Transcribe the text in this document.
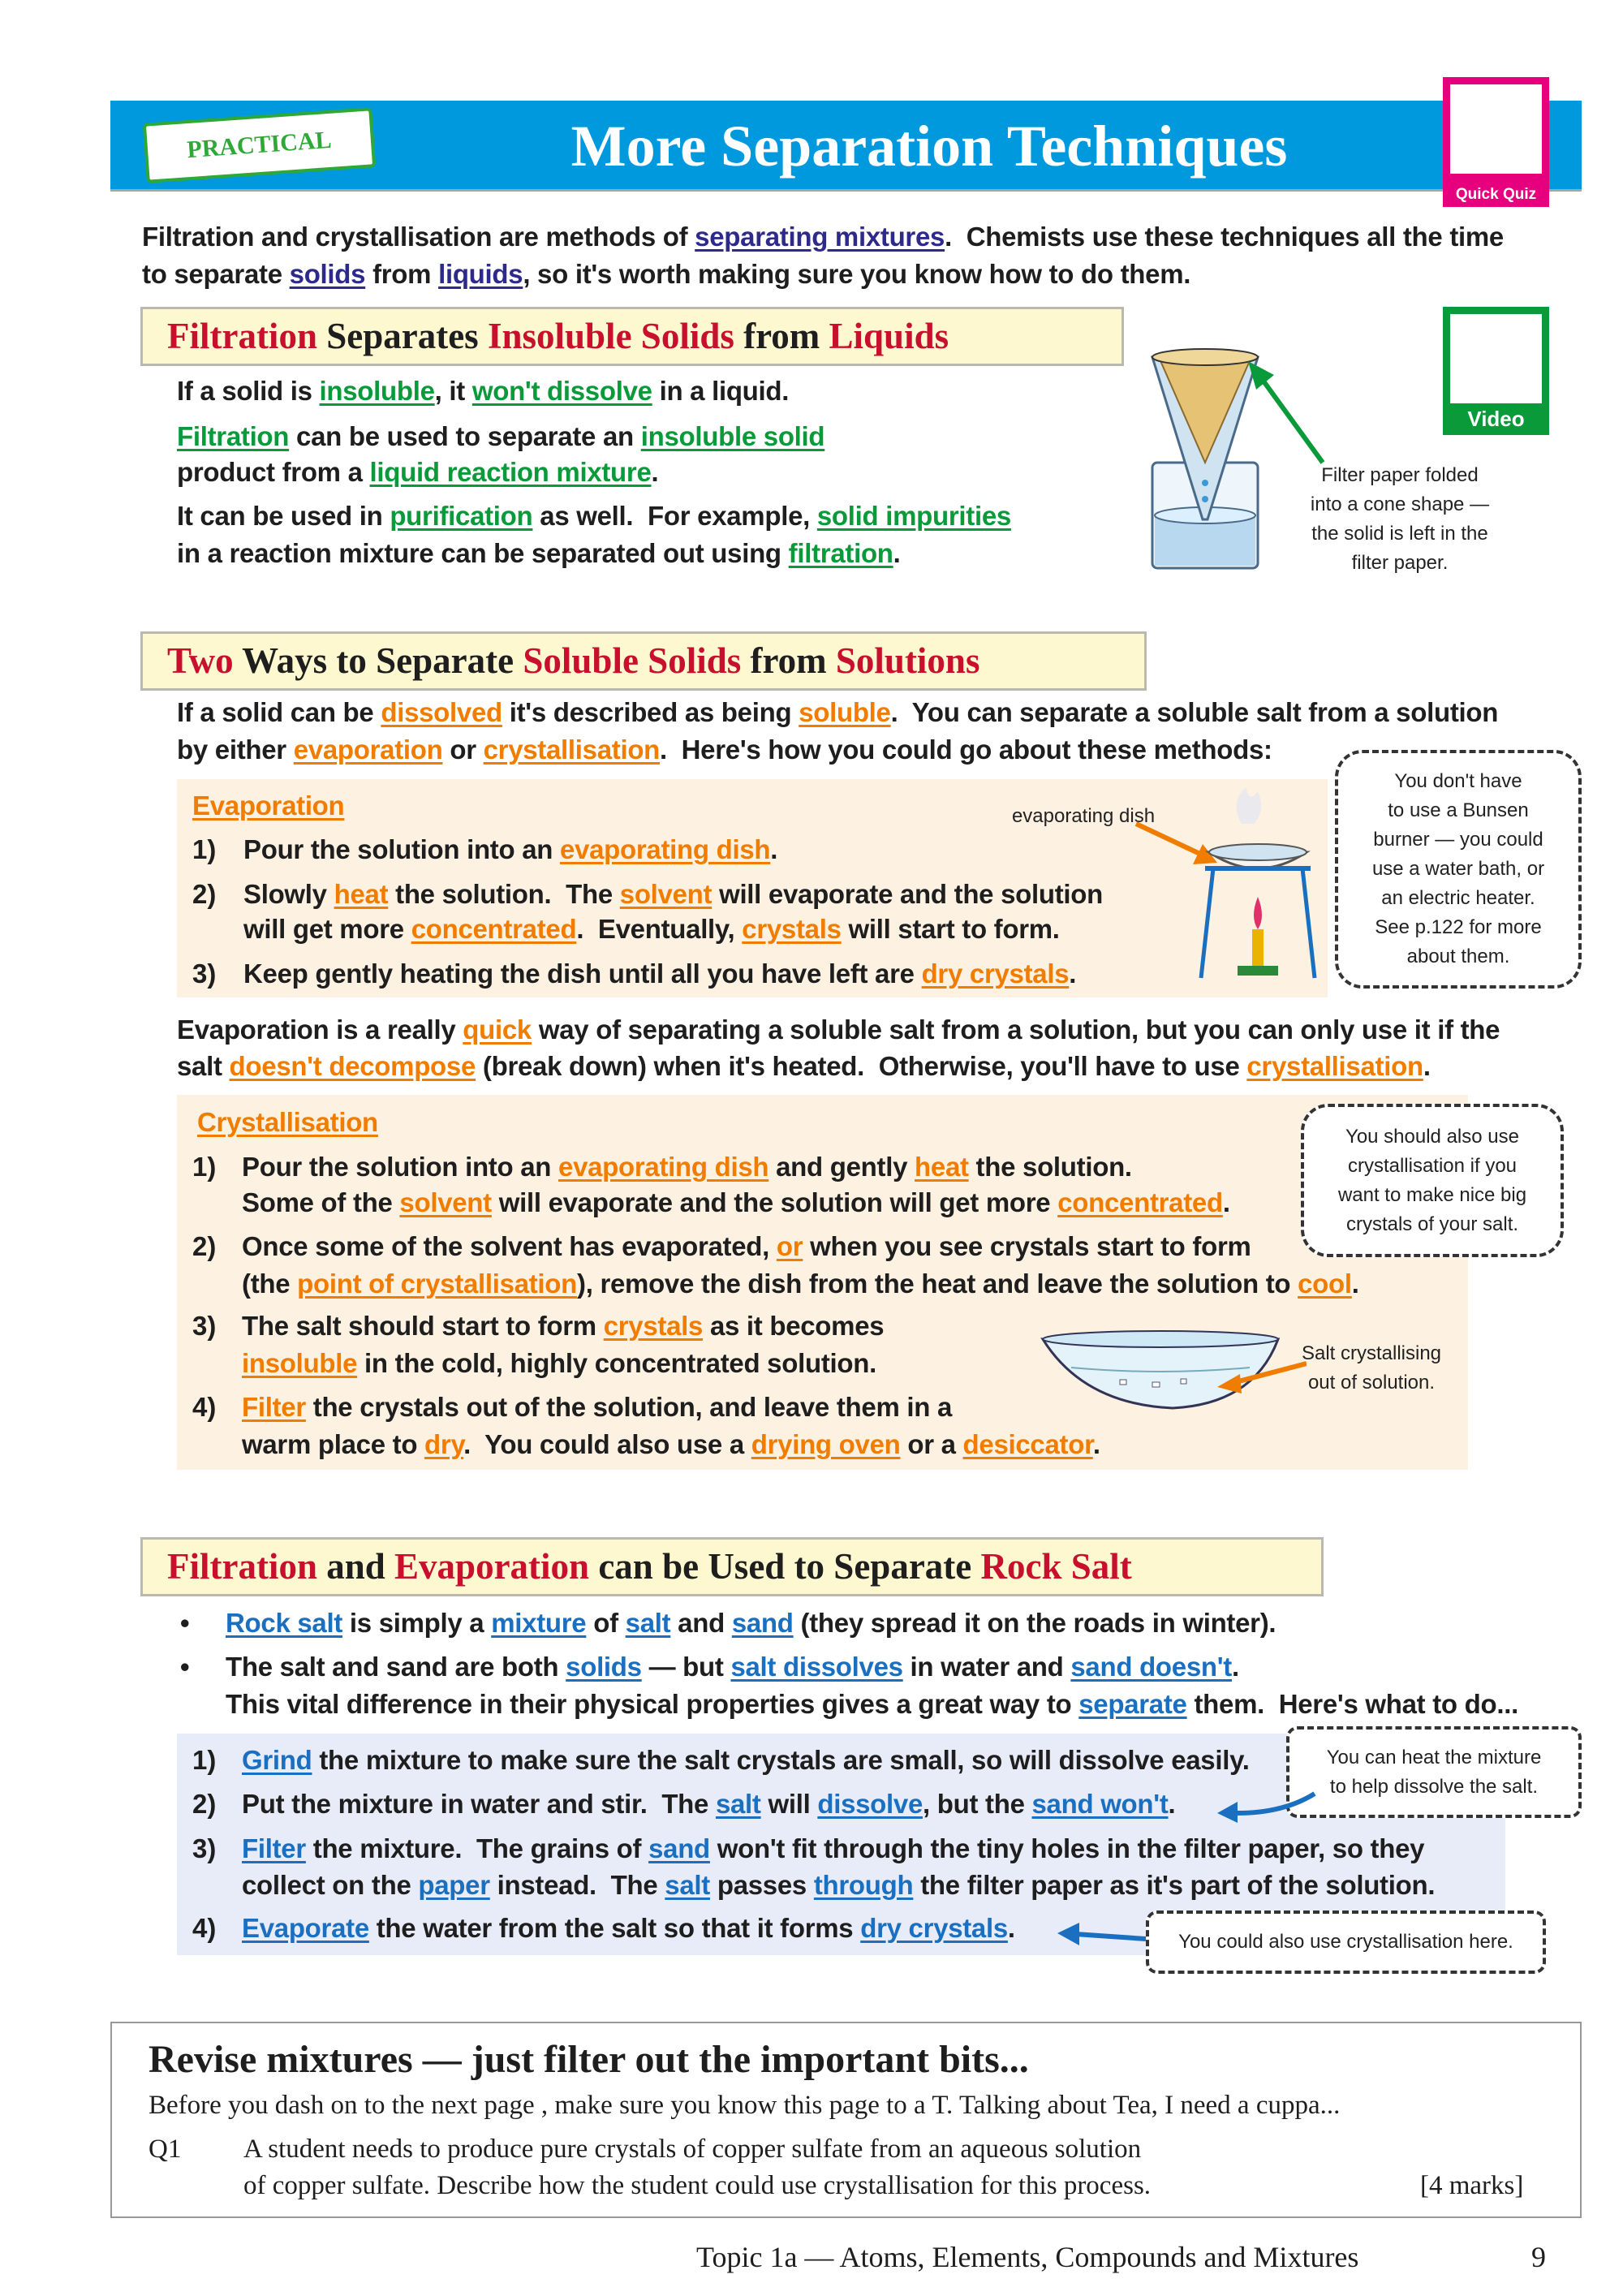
PRACTICAL	More Separation Techniques
Quick Quiz
Filtration and crystallisation are methods of separating mixtures.  Chemists use these techniques all the time
to separate solids from liquids, so it's worth making sure you know how to do them.
Filtration Separates Insoluble Solids from Liquids
Video
If a solid is insoluble, it won't dissolve in a liquid.
Filtration can be used to separate an insoluble solid
product from a liquid reaction mixture.
It can be used in purification as well.  For example, solid impurities
in a reaction mixture can be separated out using filtration.
Filter paper folded
into a cone shape —
the solid is left in the
filter paper.
Two Ways to Separate Soluble Solids from Solutions
If a solid can be dissolved it's described as being soluble.  You can separate a soluble salt from a solution
by either evaporation or crystallisation.  Here's how you could go about these methods:
Evaporation
1) Pour the solution into an evaporating dish.
2) Slowly heat the solution.  The solvent will evaporate and the solution
will get more concentrated.  Eventually, crystals will start to form.
3) Keep gently heating the dish until all you have left are dry crystals.
evaporating dish
You don't have
to use a Bunsen
burner — you could
use a water bath, or
an electric heater.
See p.122 for more
about them.
Evaporation is a really quick way of separating a soluble salt from a solution, but you can only use it if the
salt doesn't decompose (break down) when it's heated.  Otherwise, you'll have to use crystallisation.
Crystallisation
1) Pour the solution into an evaporating dish and gently heat the solution.
Some of the solvent will evaporate and the solution will get more concentrated.
2) Once some of the solvent has evaporated, or when you see crystals start to form
(the point of crystallisation), remove the dish from the heat and leave the solution to cool.
3) The salt should start to form crystals as it becomes
insoluble in the cold, highly concentrated solution.
4) Filter the crystals out of the solution, and leave them in a
warm place to dry.  You could also use a drying oven or a desiccator.
You should also use
crystallisation if you
want to make nice big
crystals of your salt.
Salt crystallising
out of solution.
Filtration and Evaporation can be Used to Separate Rock Salt
• Rock salt is simply a mixture of salt and sand (they spread it on the roads in winter).
• The salt and sand are both solids — but salt dissolves in water and sand doesn't.
This vital difference in their physical properties gives a great way to separate them.  Here's what to do...
1) Grind the mixture to make sure the salt crystals are small, so will dissolve easily.
2) Put the mixture in water and stir.  The salt will dissolve, but the sand won't.
3) Filter the mixture.  The grains of sand won't fit through the tiny holes in the filter paper, so they
collect on the paper instead.  The salt passes through the filter paper as it's part of the solution.
4) Evaporate the water from the salt so that it forms dry crystals.
You can heat the mixture
to help dissolve the salt.
You could also use crystallisation here.
Revise mixtures — just filter out the important bits...
Before you dash on to the next page , make sure you know this page to a T. Talking about Tea, I need a cuppa...
Q1 A student needs to produce pure crystals of copper sulfate from an aqueous solution
of copper sulfate. Describe how the student could use crystallisation for this process.	[4 marks]
Topic 1a — Atoms, Elements, Compounds and Mixtures	9
